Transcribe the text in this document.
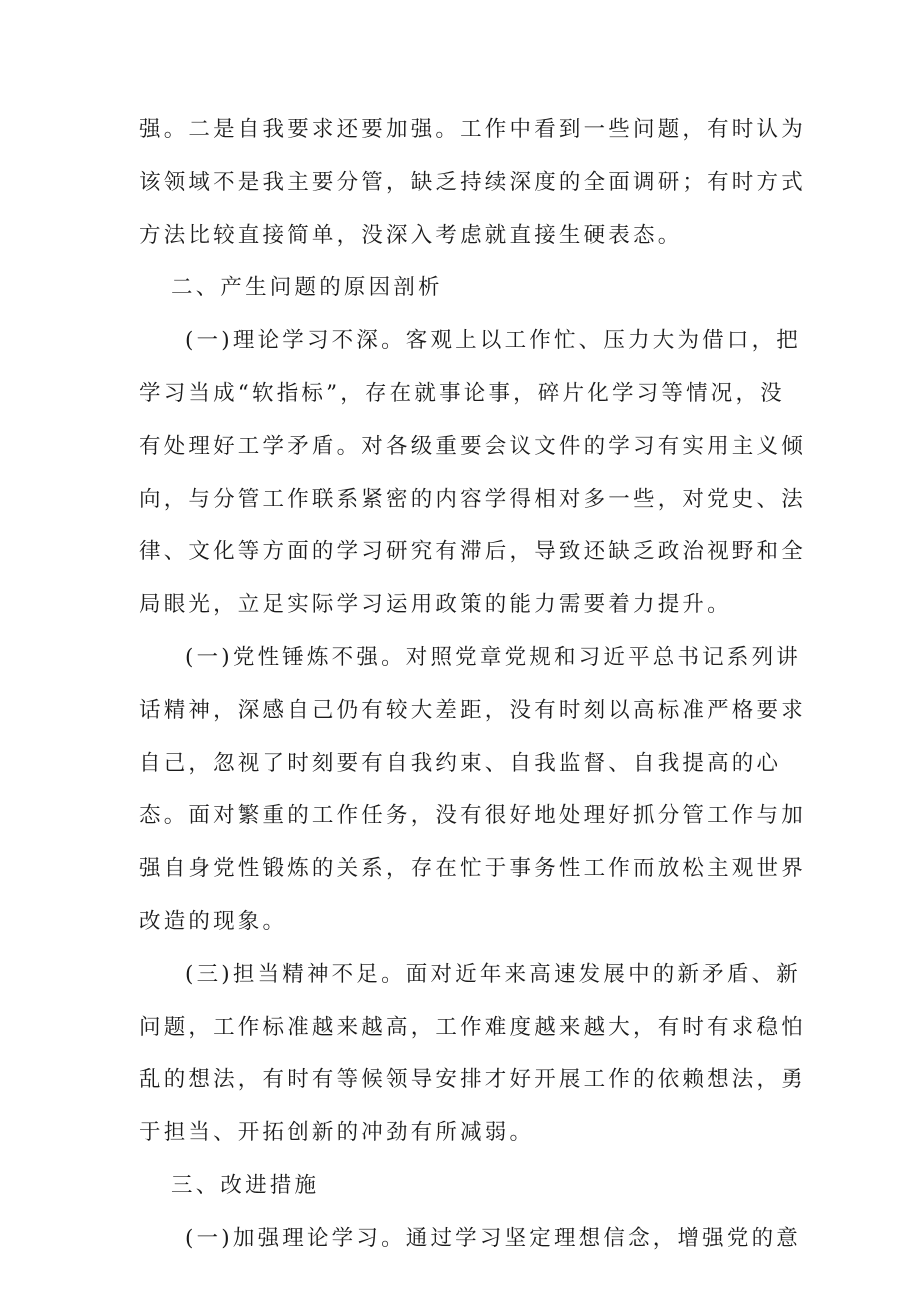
强。二是自我要求还要加强。工作中看到一些问题，有时认为
该领域不是我主要分管，缺乏持续深度的全面调研；有时方式
方法比较直接简单，没深入考虑就直接生硬表态。
二、产生问题的原因剖析
(一)理论学习不深。客观上以工作忙、压力大为借口，把
学习当成“软指标”，存在就事论事，碎片化学习等情况，没
有处理好工学矛盾。对各级重要会议文件的学习有实用主义倾
向，与分管工作联系紧密的内容学得相对多一些，对党史、法
律、文化等方面的学习研究有滞后，导致还缺乏政治视野和全
局眼光，立足实际学习运用政策的能力需要着力提升。
(一)党性锤炼不强。对照党章党规和习近平总书记系列讲
话精神，深感自己仍有较大差距，没有时刻以高标准严格要求
自己，忽视了时刻要有自我约束、自我监督、自我提高的心
态。面对繁重的工作任务，没有很好地处理好抓分管工作与加
强自身党性锻炼的关系，存在忙于事务性工作而放松主观世界
改造的现象。
(三)担当精神不足。面对近年来高速发展中的新矛盾、新
问题，工作标准越来越高，工作难度越来越大，有时有求稳怕
乱的想法，有时有等候领导安排才好开展工作的依赖想法，勇
于担当、开拓创新的冲劲有所减弱。
三、改进措施
(一)加强理论学习。通过学习坚定理想信念，增强党的意
